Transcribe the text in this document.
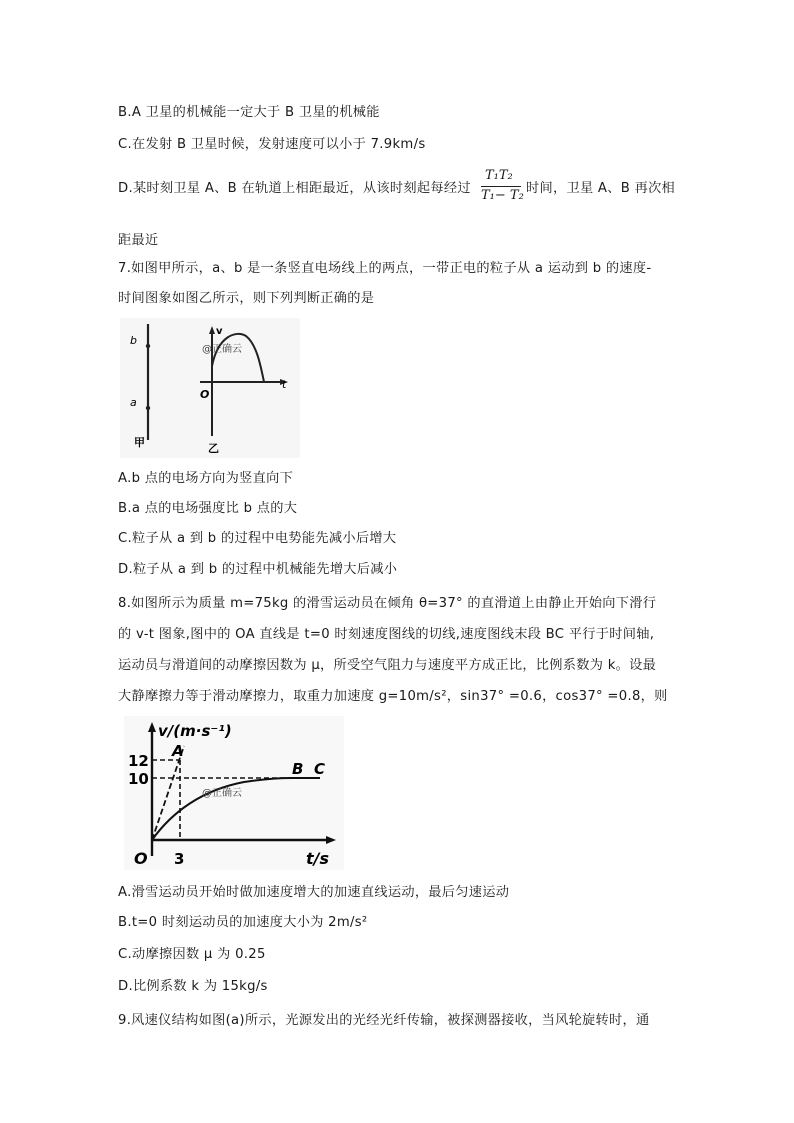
B.A 卫星的机械能一定大于 B 卫星的机械能
C.在发射 B 卫星时候，发射速度可以小于 7.9km/s
D.某时刻卫星 A、B 在轨道上相距最近，从该时刻起每经过
T₁T₂
T₁− T₂ 时间，卫星 A、B 再次相
距最近
7.如图甲所示，a、b 是一条竖直电场线上的两点，一带正电的粒子从 a 运动到 b 的速度-
时间图象如图乙所示，则下列判断正确的是
b
a
甲
v
t
O
乙
@正确云
A.b 点的电场方向为竖直向下
B.a 点的电场强度比 b 点的大
C.粒子从 a 到 b 的过程中电势能先减小后增大
D.粒子从 a 到 b 的过程中机械能先增大后减小
8.如图所示为质量 m=75kg 的滑雪运动员在倾角 θ=37° 的直滑道上由静止开始向下滑行
的 v-t 图象,图中的 OA 直线是 t=0 时刻速度图线的切线,速度图线末段 BC 平行于时间轴,
运动员与滑道间的动摩擦因数为 μ，所受空气阻力与速度平方成正比，比例系数为 k。设最
大静摩擦力等于滑动摩擦力，取重力加速度 g=10m/s²，sin37° =0.6，cos37° =0.8，则
v/(m·s⁻¹)
12
10
3
O	t/s
A
B C
@正确云
A.滑雪运动员开始时做加速度增大的加速直线运动，最后匀速运动
B.t=0 时刻运动员的加速度大小为 2m/s²
C.动摩擦因数 μ 为 0.25
D.比例系数 k 为 15kg/s
9.风速仪结构如图(a)所示，光源发出的光经光纤传输，被探测器接收，当风轮旋转时，通
